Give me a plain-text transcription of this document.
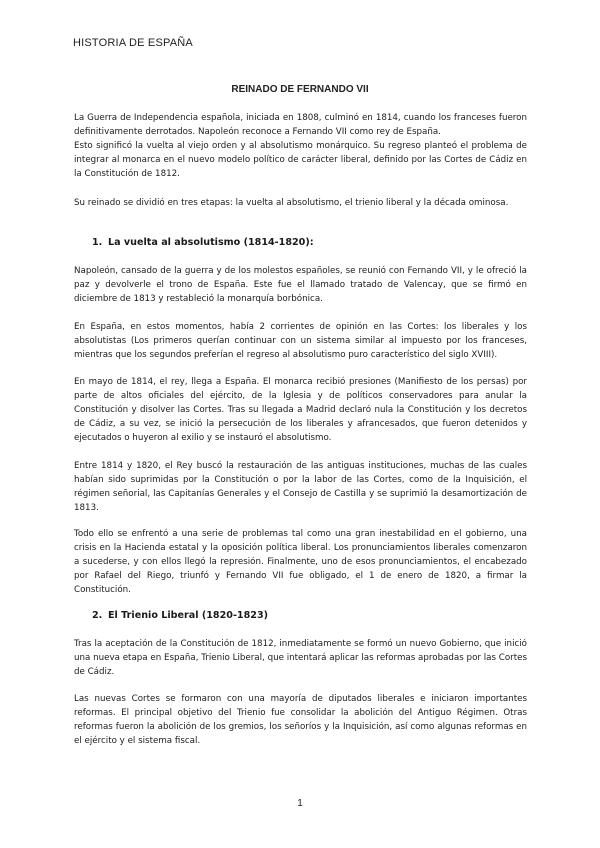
HISTORIA DE ESPAÑA
REINADO DE FERNANDO VII

La Guerra de Independencia española, iniciada en 1808, culminó en 1814, cuando los franceses fueron definitivamente derrotados. Napoleón reconoce a Fernando VII como rey de España.

Esto significó la vuelta al viejo orden y al absolutismo monárquico. Su regreso planteó el problema de integrar al monarca en el nuevo modelo político de carácter liberal, definido por las Cortes de Cádiz en la Constitución de 1812.

Su reinado se dividió en tres etapas: la vuelta al absolutismo, el trienio liberal y la década ominosa.
1. La vuelta al absolutismo (1814-1820):
Napoleón, cansado de la guerra y de los molestos españoles, se reunió con Fernando VII, y le ofreció la paz y devolverle el trono de España. Este fue el llamado tratado de Valencay, que se firmó en diciembre de 1813 y restableció la monarquía borbónica.
En España, en estos momentos, había 2 corrientes de opinión en las Cortes: los liberales y los absolutistas (Los primeros querían continuar con un sistema similar al impuesto por los franceses, mientras que los segundos preferían el regreso al absolutismo puro característico del siglo XVIII).
En mayo de 1814, el rey, llega a España. El monarca recibió presiones (Manifiesto de los persas) por parte de altos oficiales del ejército, de la Iglesia y de políticos conservadores para anular la Constitución y disolver las Cortes. Tras su llegada a Madrid declaró nula la Constitución y los decretos de Cádiz, a su vez, se inició la persecución de los liberales y afrancesados, que fueron detenidos y ejecutados o huyeron al exilio y se instauró el absolutismo.
Entre 1814 y 1820, el Rey buscó la restauración de las antiguas instituciones, muchas de las cuales habían sido suprimidas por la Constitución o por la labor de las Cortes, como de la Inquisición, el régimen señorial, las Capitanías Generales y el Consejo de Castilla y se suprimió la desamortización de 1813.
Todo ello se enfrentó a una serie de problemas tal como una gran inestabilidad en el gobierno, una crisis en la Hacienda estatal y la oposición política liberal. Los pronunciamientos liberales comenzaron a sucederse, y con ellos llegó la represión. Finalmente, uno de esos pronunciamientos, el encabezado por Rafael del Riego, triunfó y Fernando VII fue obligado, el 1 de enero de 1820, a firmar la Constitución.
2. El Trienio Liberal (1820-1823)
Tras la aceptación de la Constitución de 1812, inmediatamente se formó un nuevo Gobierno, que inició una nueva etapa en España, Trienio Liberal, que intentará aplicar las reformas aprobadas por las Cortes de Cádiz.
Las nuevas Cortes se formaron con una mayoría de diputados liberales e iniciaron importantes reformas. El principal objetivo del Trienio fue consolidar la abolición del Antiguo Régimen. Otras reformas fueron la abolición de los gremios, los señoríos y la Inquisición, así como algunas reformas en el ejército y el sistema fiscal.
1
